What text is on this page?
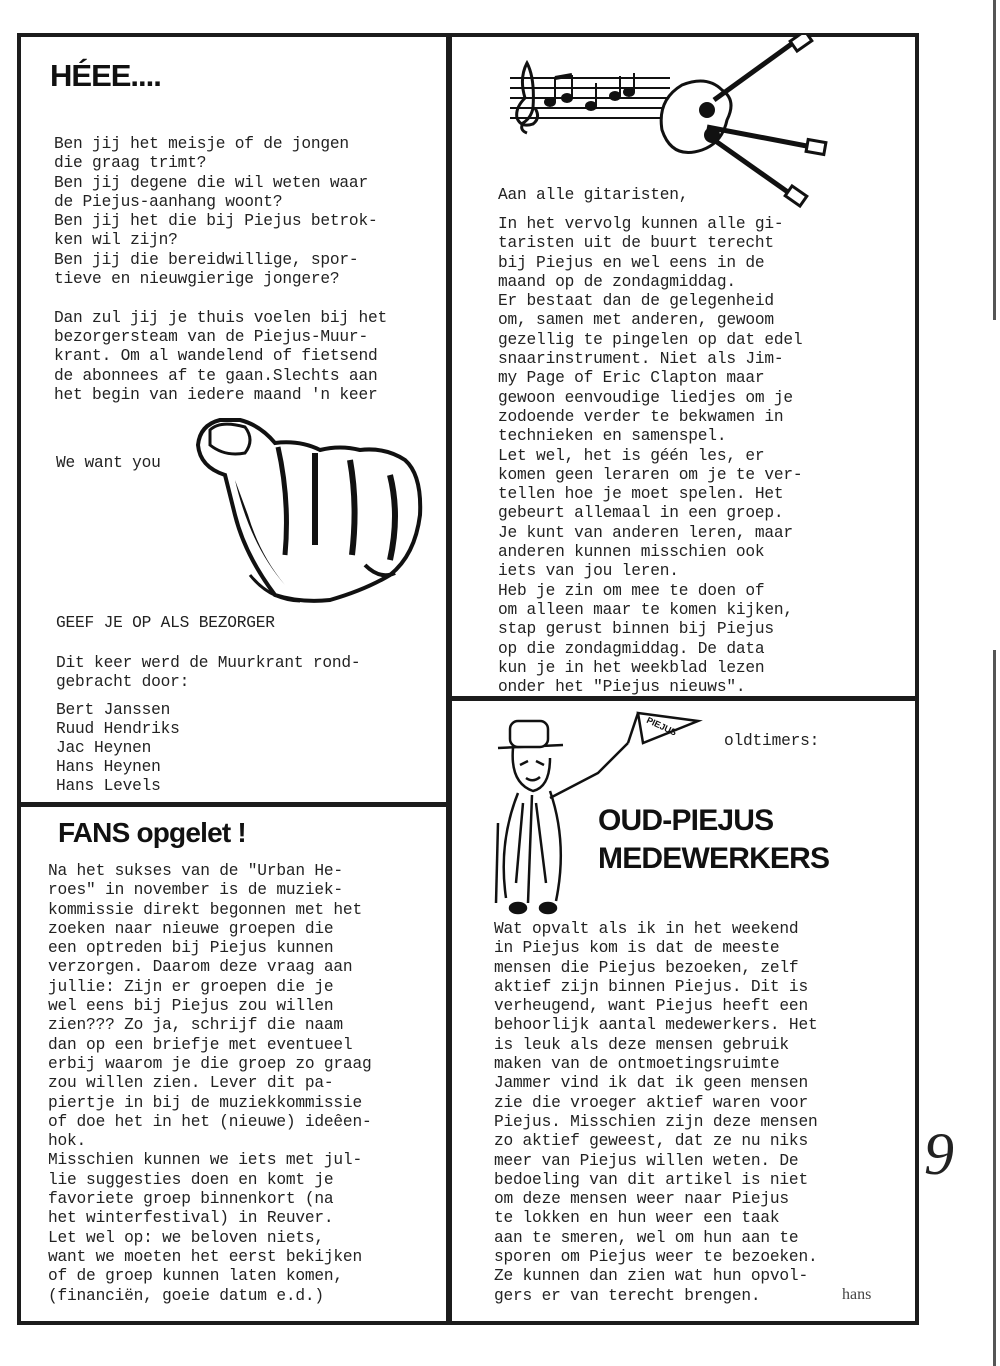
HÉEE....
Ben jij het meisje of de jongen
die graag trimt?
Ben jij degene die wil weten waar
de Piejus-aanhang woont?
Ben jij het die bij Piejus betrok-
ken wil zijn?
Ben jij die bereidwillige, spor-
tieve en nieuwgierige jongere?

Dan zul jij je thuis voelen bij het
bezorgersteam van de Piejus-Muur-
krant. Om al wandelend of fietsend
de abonnees af te gaan.Slechts aan
het begin van iedere maand 'n keer
We want you
GEEF JE OP ALS BEZORGER
Dit keer werd de Muurkrant rond-
gebracht door:
Bert Janssen
Ruud Hendriks
Jac Heynen
Hans Heynen
Hans Levels
Aan alle gitaristen,
In het vervolg kunnen alle gi-
taristen uit de buurt terecht
bij Piejus en wel eens in de
maand op de zondagmiddag.
Er bestaat dan de gelegenheid
om, samen met anderen, gewoom
gezellig te pingelen op dat edel
snaarinstrument. Niet als Jim-
my Page of Eric Clapton maar
gewoon eenvoudige liedjes om je
zodoende verder te bekwamen in
technieken en samenspel.
Let wel, het is géén les, er
komen geen leraren om je te ver-
tellen hoe je moet spelen. Het
gebeurt allemaal in een groep.
Je kunt van anderen leren, maar
anderen kunnen misschien ook
iets van jou leren.
Heb je zin om mee te doen of
om alleen maar te komen kijken,
stap gerust binnen bij Piejus
op die zondagmiddag. De data
kun je in het weekblad lezen
onder het "Piejus nieuws".
FANS opgelet !
Na het sukses van de "Urban He-
roes" in november is de muziek-
kommissie direkt begonnen met het
zoeken naar nieuwe groepen die
een optreden bij Piejus kunnen
verzorgen. Daarom deze vraag aan
jullie: Zijn er groepen die je
wel eens bij Piejus zou willen
zien??? Zo ja, schrijf die naam
dan op een briefje met eventueel
erbij waarom je die groep zo graag
zou willen zien. Lever dit pa-
piertje in bij de muziekkommissie
of doe het in het (nieuwe) ideêen-
hok.
Misschien kunnen we iets met jul-
lie suggesties doen en komt je
favoriete groep binnenkort (na
het winterfestival) in Reuver.
Let wel op: we beloven niets,
want we moeten het eerst bekijken
of de groep kunnen laten komen,
(financiën, goeie datum e.d.)
PIEJUS
oldtimers:
OUD-PIEJUS
MEDEWERKERS
Wat opvalt als ik in het weekend
in Piejus kom is dat de meeste
mensen die Piejus bezoeken, zelf
aktief zijn binnen Piejus. Dit is
verheugend, want Piejus heeft een
behoorlijk aantal medewerkers. Het
is leuk als deze mensen gebruik
maken van de ontmoetingsruimte
Jammer vind ik dat ik geen mensen
zie die vroeger aktief waren voor
Piejus. Misschien zijn deze mensen
zo aktief geweest, dat ze nu niks
meer van Piejus willen weten. De
bedoeling van dit artikel is niet
om deze mensen weer naar Piejus
te lokken en hun weer een taak
aan te smeren, wel om hun aan te
sporen om Piejus weer te bezoeken.
Ze kunnen dan zien wat hun opvol-
gers er van terecht brengen.	hans
9
